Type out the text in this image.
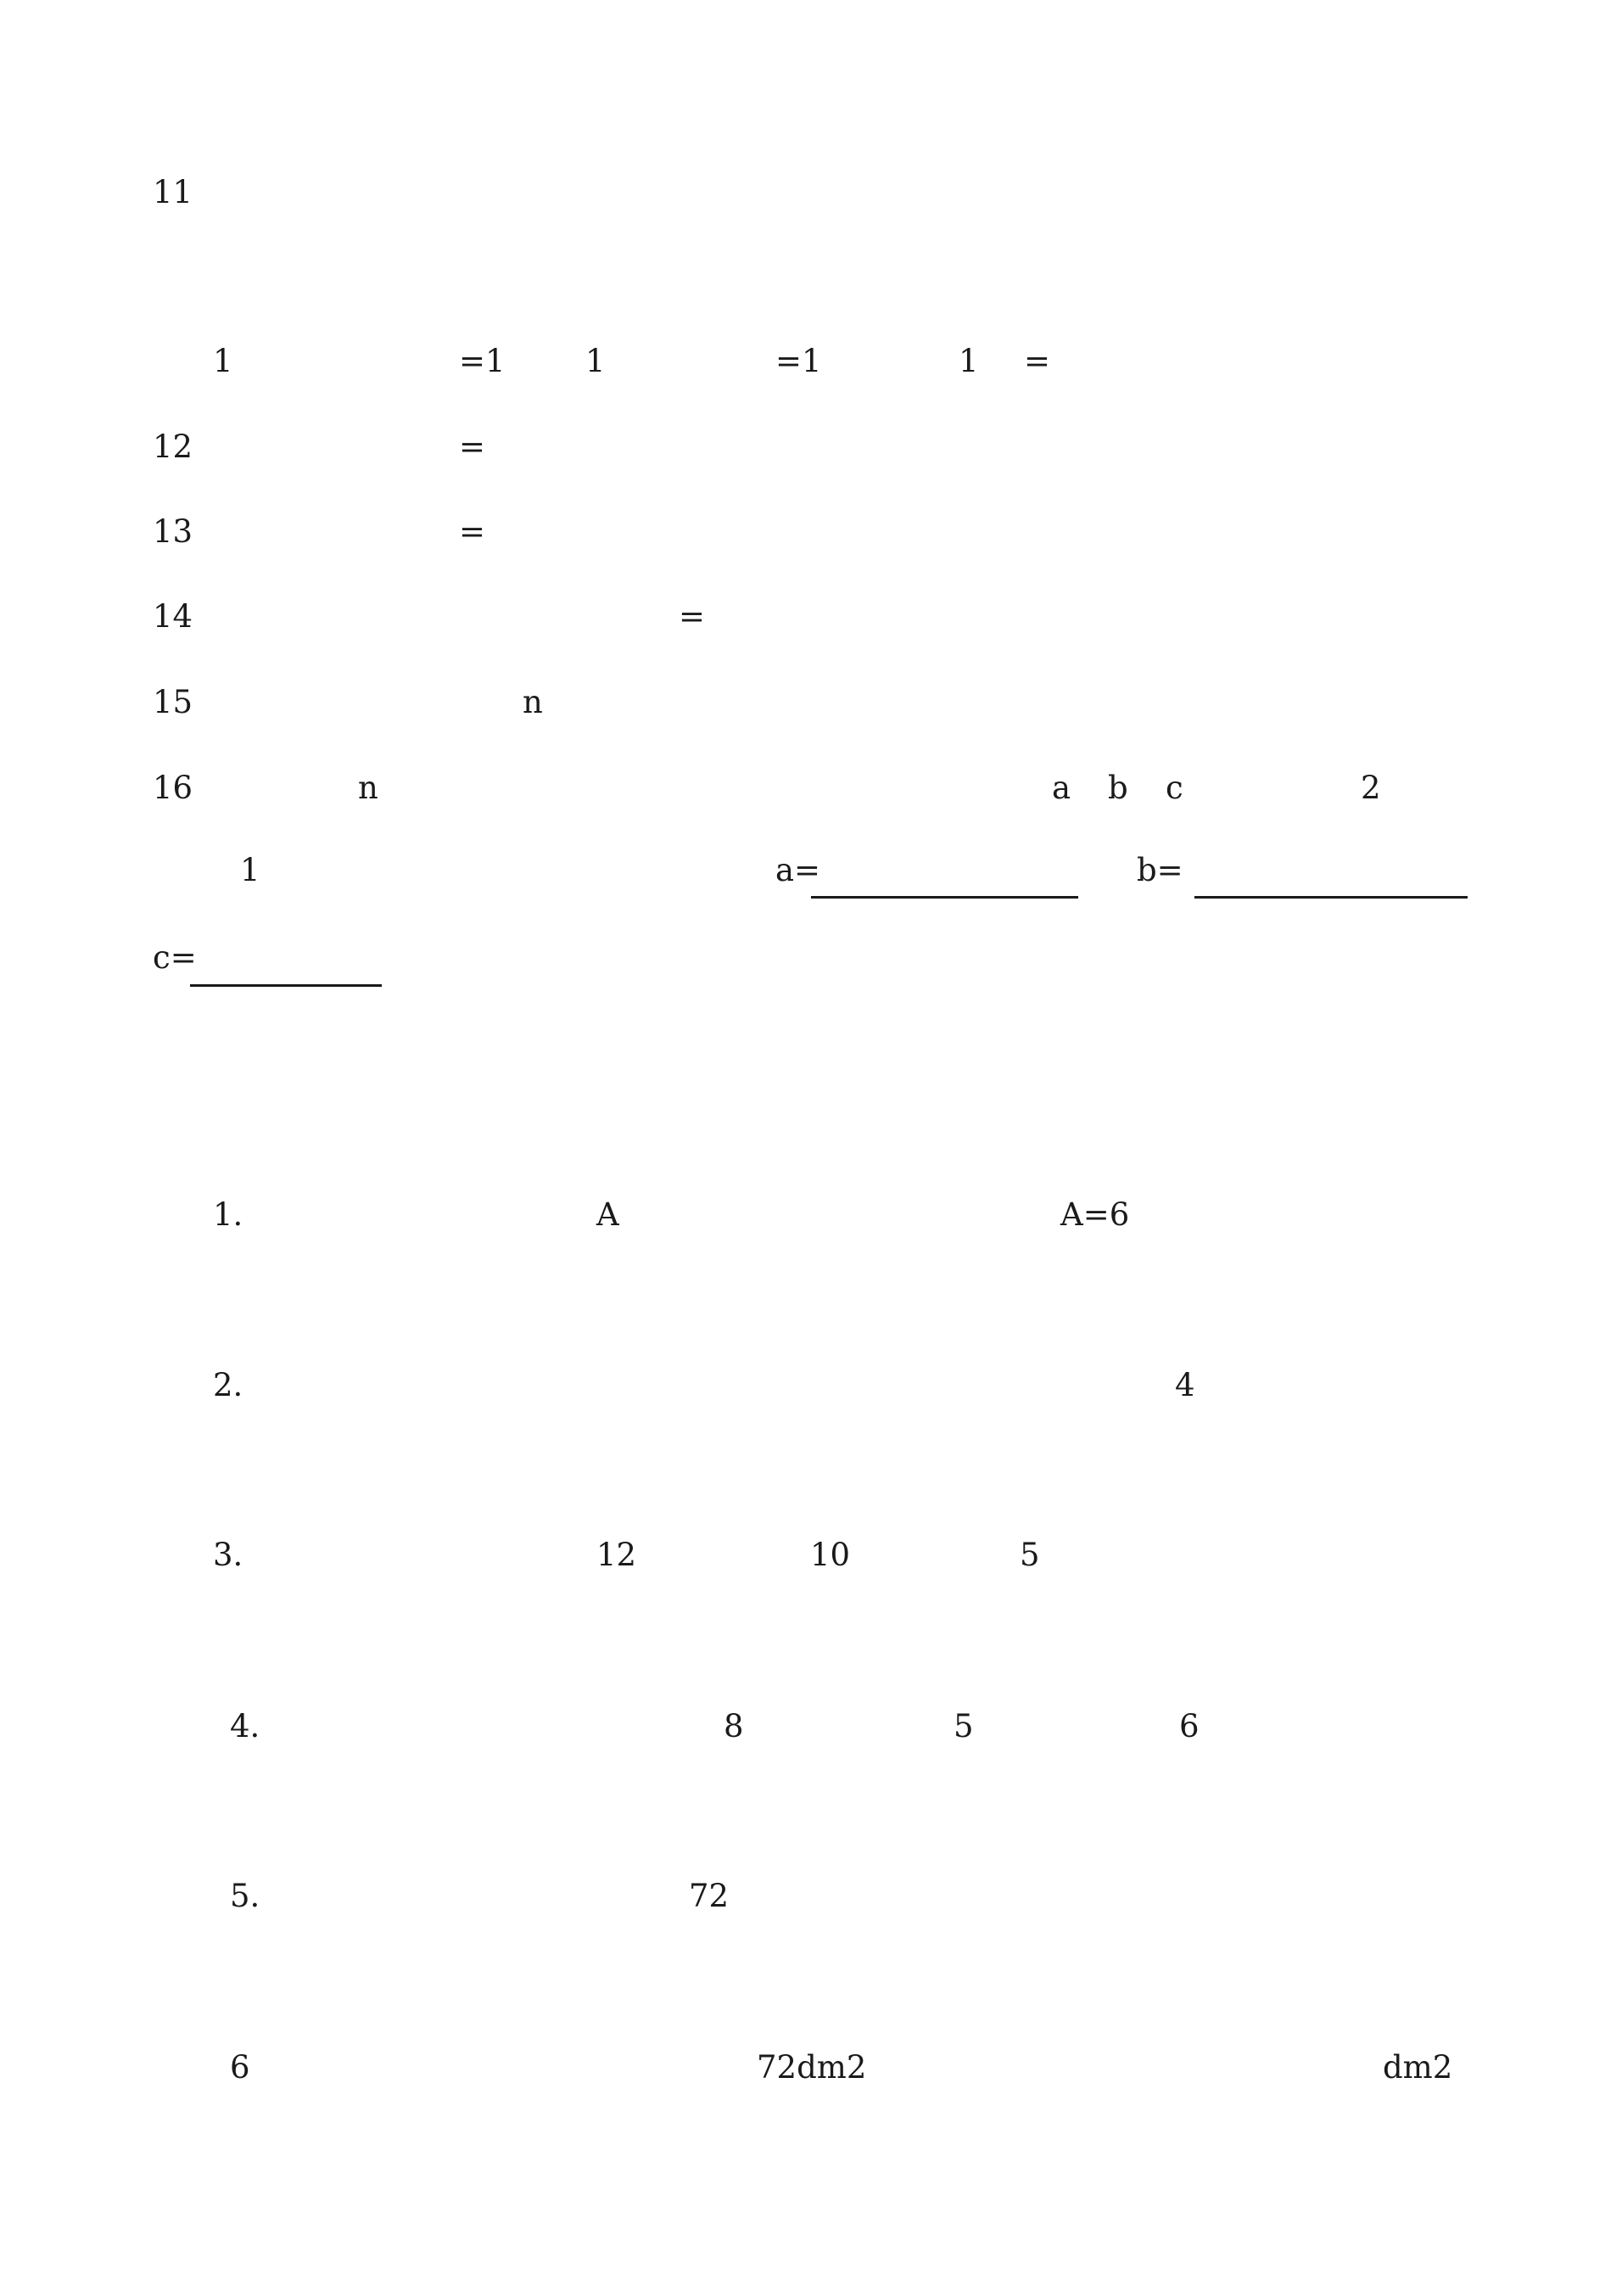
11
1	=1	1	=1	1 =
12	=
13	=
14	=
15	n
16	n	a b c	2
1	a=	b=
c=
1.	A	A=6
2.	4
3.	12	10	5
4.	8	5	6
5.	72
6	72dm2	dm2
